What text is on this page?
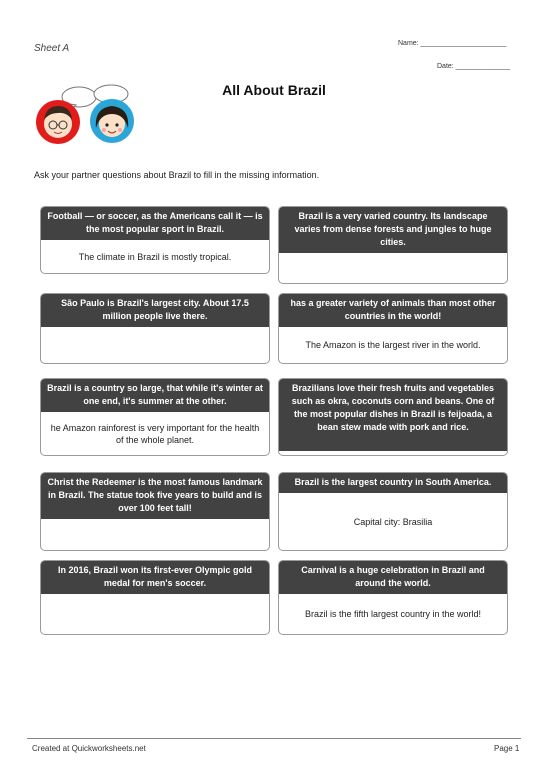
Sheet A	Name: ______________________
Date: ______________
All About Brazil
Ask your partner questions about Brazil to fill in the missing information.
Football — or soccer, as the Americans call it — is the most popular sport in Brazil.
The climate in Brazil is mostly tropical.
Brazil is a very varied country. Its landscape varies from dense forests and jungles to huge cities.
São Paulo is Brazil's largest city. About 17.5 million people live there.
has a greater variety of animals than most other countries in the world!
The Amazon is the largest river in the world.
Brazil is a country so large, that while it's winter at one end, it's summer at the other.
he Amazon rainforest is very important for the health of the whole planet.
Brazilians love their fresh fruits and vegetables such as okra, coconuts corn and beans. One of the most popular dishes in Brazil is feijoada, a bean stew made with pork and rice.
Christ the Redeemer is the most famous landmark in Brazil. The statue took five years to build and is over 100 feet tall!
Brazil is the largest country in South America.
Capital city: Brasilia
In 2016, Brazil won its first-ever Olympic gold medal for men's soccer.
Carnival is a huge celebration in Brazil and around the world.
Brazil is the fifth largest country in the world!
Created at Quickworksheets.net	Page 1
